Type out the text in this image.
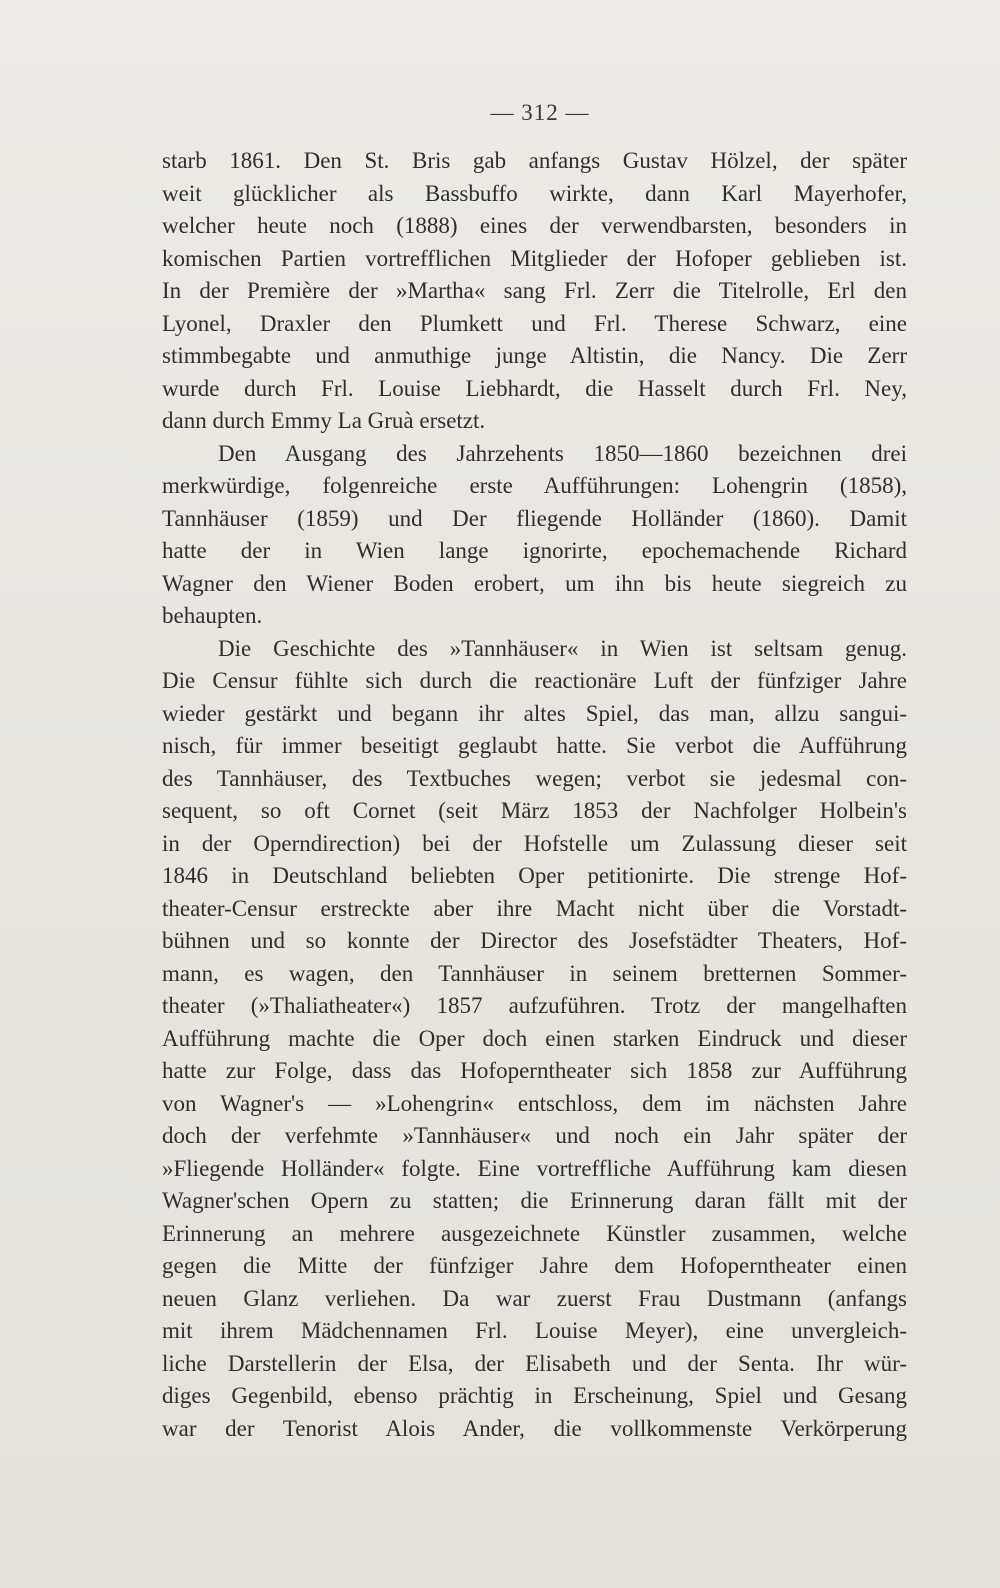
— 312 —
starb 1861. Den St. Bris gab anfangs Gustav Hölzel, der später
weit glücklicher als Bassbuffo wirkte, dann Karl Mayerhofer,
welcher heute noch (1888) eines der verwendbarsten, besonders in
komischen Partien vortrefflichen Mitglieder der Hofoper geblieben ist.
In der Première der »Martha« sang Frl. Zerr die Titelrolle, Erl den
Lyonel, Draxler den Plumkett und Frl. Therese Schwarz, eine
stimmbegabte und anmuthige junge Altistin, die Nancy. Die Zerr
wurde durch Frl. Louise Liebhardt, die Hasselt durch Frl. Ney,
dann durch Emmy La Gruà ersetzt.
Den Ausgang des Jahrzehents 1850—1860 bezeichnen drei
merkwürdige, folgenreiche erste Aufführungen: Lohengrin (1858),
Tannhäuser (1859) und Der fliegende Holländer (1860). Damit
hatte der in Wien lange ignorirte, epochemachende Richard
Wagner den Wiener Boden erobert, um ihn bis heute siegreich zu
behaupten.
Die Geschichte des »Tannhäuser« in Wien ist seltsam genug.
Die Censur fühlte sich durch die reactionäre Luft der fünfziger Jahre
wieder gestärkt und begann ihr altes Spiel, das man, allzu sangui-
nisch, für immer beseitigt geglaubt hatte. Sie verbot die Aufführung
des Tannhäuser, des Textbuches wegen; verbot sie jedesmal con-
sequent, so oft Cornet (seit März 1853 der Nachfolger Holbein's
in der Operndirection) bei der Hofstelle um Zulassung dieser seit
1846 in Deutschland beliebten Oper petitionirte. Die strenge Hof-
theater-Censur erstreckte aber ihre Macht nicht über die Vorstadt-
bühnen und so konnte der Director des Josefstädter Theaters, Hof-
mann, es wagen, den Tannhäuser in seinem bretternen Sommer-
theater (»Thaliatheater«) 1857 aufzuführen. Trotz der mangelhaften
Aufführung machte die Oper doch einen starken Eindruck und dieser
hatte zur Folge, dass das Hofoperntheater sich 1858 zur Aufführung
von Wagner's — »Lohengrin« entschloss, dem im nächsten Jahre
doch der verfehmte »Tannhäuser« und noch ein Jahr später der
»Fliegende Holländer« folgte. Eine vortreffliche Aufführung kam diesen
Wagner'schen Opern zu statten; die Erinnerung daran fällt mit der
Erinnerung an mehrere ausgezeichnete Künstler zusammen, welche
gegen die Mitte der fünfziger Jahre dem Hofoperntheater einen
neuen Glanz verliehen. Da war zuerst Frau Dustmann (anfangs
mit ihrem Mädchennamen Frl. Louise Meyer), eine unvergleich-
liche Darstellerin der Elsa, der Elisabeth und der Senta. Ihr wür-
diges Gegenbild, ebenso prächtig in Erscheinung, Spiel und Gesang
war der Tenorist Alois Ander, die vollkommenste Verkörperung
